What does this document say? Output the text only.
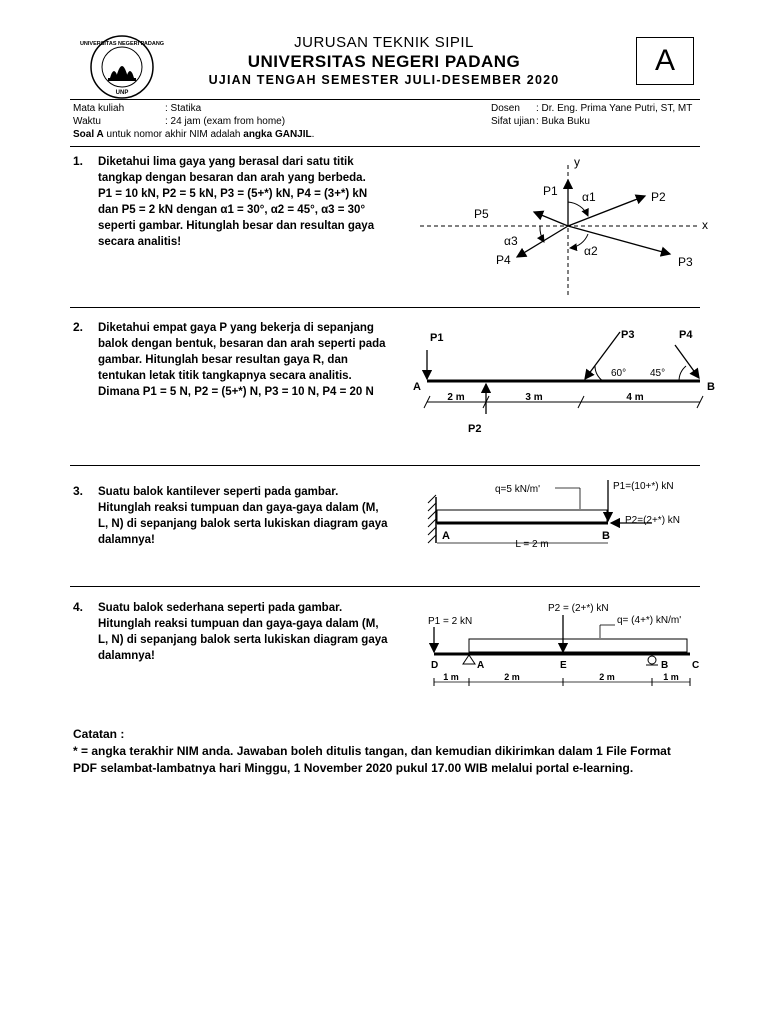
UNIVERSITAS NEGERI PADANG
UNP
JURUSAN TEKNIK SIPIL
UNIVERSITAS NEGERI PADANG
UJIAN TENGAH SEMESTER JULI-DESEMBER 2020
A
Mata kuliah	: Statika
Waktu	: 24 jam (exam from home)
Dosen : Dr. Eng. Prima Yane Putri, ST, MT
Sifat ujian : Buka Buku
Soal A untuk nomor akhir NIM adalah angka GANJIL.
1. Diketahui lima gaya yang berasal dari satu titik
tangkap dengan besaran dan arah yang berbeda.
P1 = 10 kN, P2 = 5 kN, P3 = (5+*) kN, P4 = (3+*) kN
dan P5 = 2 kN dengan α1 = 30°, α2 = 45°, α3 = 30°
seperti gambar. Hitunglah besar dan resultan gaya
secara analitis!
y
x
P1	P2
P3
P4
P5
α1
α2
α3
2. Diketahui empat gaya P yang bekerja di sepanjang
balok dengan bentuk, besaran dan arah seperti pada
gambar. Hitunglah besar resultan gaya R, dan
tentukan letak titik tangkapnya secara analitis.
Dimana P1 = 5 N, P2 = (5+*) N, P3 = 10 N, P4 = 20 N
P1
P2
P3
60°
P4
45°
A	B
2 m	3 m	4 m
3. Suatu balok kantilever seperti pada gambar.
Hitunglah reaksi tumpuan dan gaya-gaya dalam (M,
L, N) di sepanjang balok serta lukiskan diagram gaya
dalamnya!
q=5 kN/m'	P1=(10+*) kN
P2=(2+*) kN
A	B
L = 2 m
4. Suatu balok sederhana seperti pada gambar.
Hitunglah reaksi tumpuan dan gaya-gaya dalam (M,
L, N) di sepanjang balok serta lukiskan diagram gaya
dalamnya!
P1 = 2 kN
P2 = (2+*) kN
q= (4+*) kN/m'
D	A	E	B C
1 m	2 m	2 m	1 m
Catatan :
* = angka terakhir NIM anda. Jawaban boleh ditulis tangan, dan kemudian dikirimkan dalam 1 File Format
PDF selambat-lambatnya hari Minggu, 1 November 2020 pukul 17.00 WIB melalui portal e-learning.
